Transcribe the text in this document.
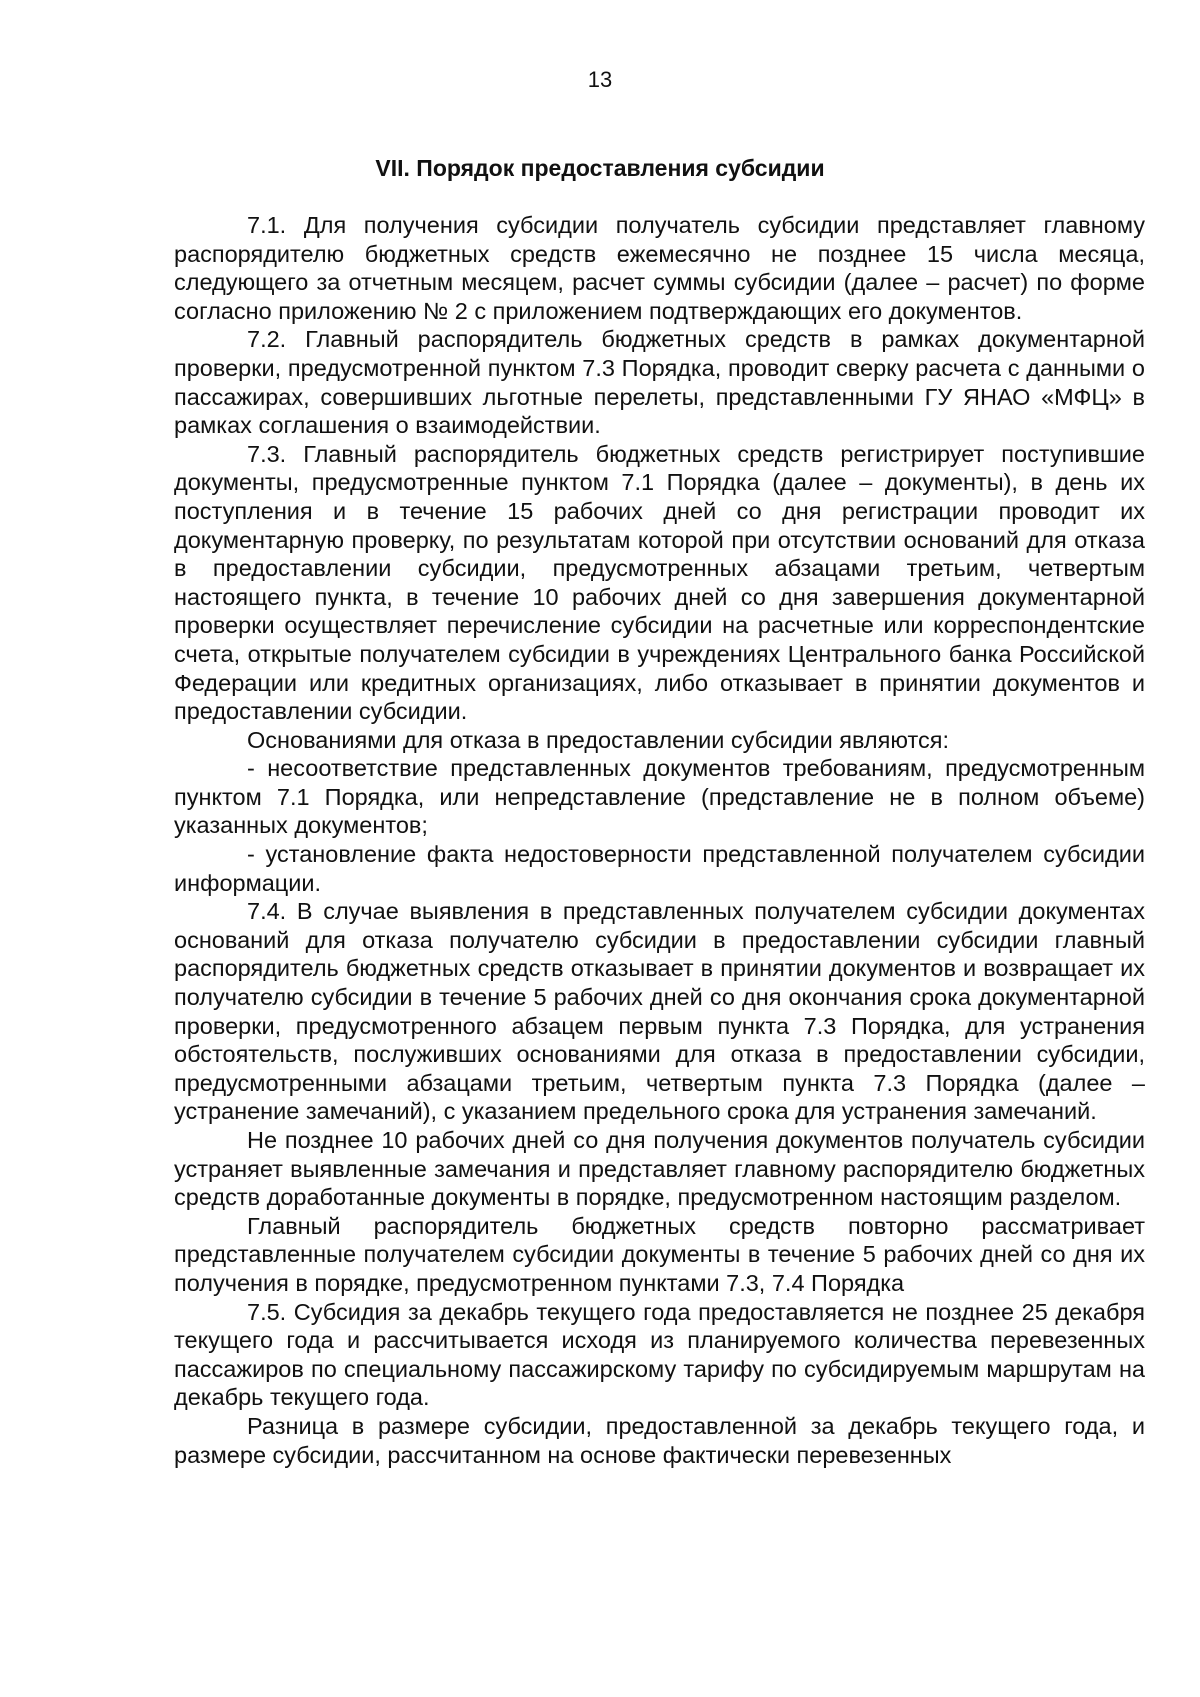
13
VII. Порядок предоставления субсидии

7.1. Для получения субсидии получатель субсидии представляет главному распорядителю бюджетных средств ежемесячно не позднее 15 числа месяца, следующего за отчетным месяцем, расчет суммы субсидии (далее – расчет) по форме согласно приложению № 2 с приложением подтверждающих его документов.

7.2. Главный распорядитель бюджетных средств в рамках документарной проверки, предусмотренной пунктом 7.3 Порядка, проводит сверку расчета с данными о пассажирах, совершивших льготные перелеты, представленными ГУ ЯНАО «МФЦ» в рамках соглашения о взаимодействии.

7.3. Главный распорядитель бюджетных средств регистрирует поступившие документы, предусмотренные пунктом 7.1 Порядка (далее – документы), в день их поступления и в течение 15 рабочих дней со дня регистрации проводит их документарную проверку, по результатам которой при отсутствии оснований для отказа в предоставлении субсидии, предусмотренных абзацами третьим, четвертым настоящего пункта, в течение 10 рабочих дней со дня завершения документарной проверки осуществляет перечисление субсидии на расчетные или корреспондентские счета, открытые получателем субсидии в учреждениях Центрального банка Российской Федерации или кредитных организациях, либо отказывает в принятии документов и предоставлении субсидии.

Основаниями для отказа в предоставлении субсидии являются:

- несоответствие представленных документов требованиям, предусмотренным пунктом 7.1 Порядка, или непредставление (представление не в полном объеме) указанных документов;

- установление факта недостоверности представленной получателем субсидии информации.

7.4. В случае выявления в представленных получателем субсидии документах оснований для отказа получателю субсидии в предоставлении субсидии главный распорядитель бюджетных средств отказывает в принятии документов и возвращает их получателю субсидии в течение 5 рабочих дней со дня окончания срока документарной проверки, предусмотренного абзацем первым пункта 7.3 Порядка, для устранения обстоятельств, послуживших основаниями для отказа в предоставлении субсидии, предусмотренными абзацами третьим, четвертым пункта 7.3 Порядка (далее – устранение замечаний), с указанием предельного срока для устранения замечаний.

Не позднее 10 рабочих дней со дня получения документов получатель субсидии устраняет выявленные замечания и представляет главному распорядителю бюджетных средств доработанные документы в порядке, предусмотренном настоящим разделом.

Главный распорядитель бюджетных средств повторно рассматривает представленные получателем субсидии документы в течение 5 рабочих дней со дня их получения в порядке, предусмотренном пунктами 7.3, 7.4 Порядка

7.5. Субсидия за декабрь текущего года предоставляется не позднее 25 декабря текущего года и рассчитывается исходя из планируемого количества перевезенных пассажиров по специальному пассажирскому тарифу по субсидируемым маршрутам на декабрь текущего года.

Разница в размере субсидии, предоставленной за декабрь текущего года, и размере субсидии, рассчитанном на основе фактически перевезенных
